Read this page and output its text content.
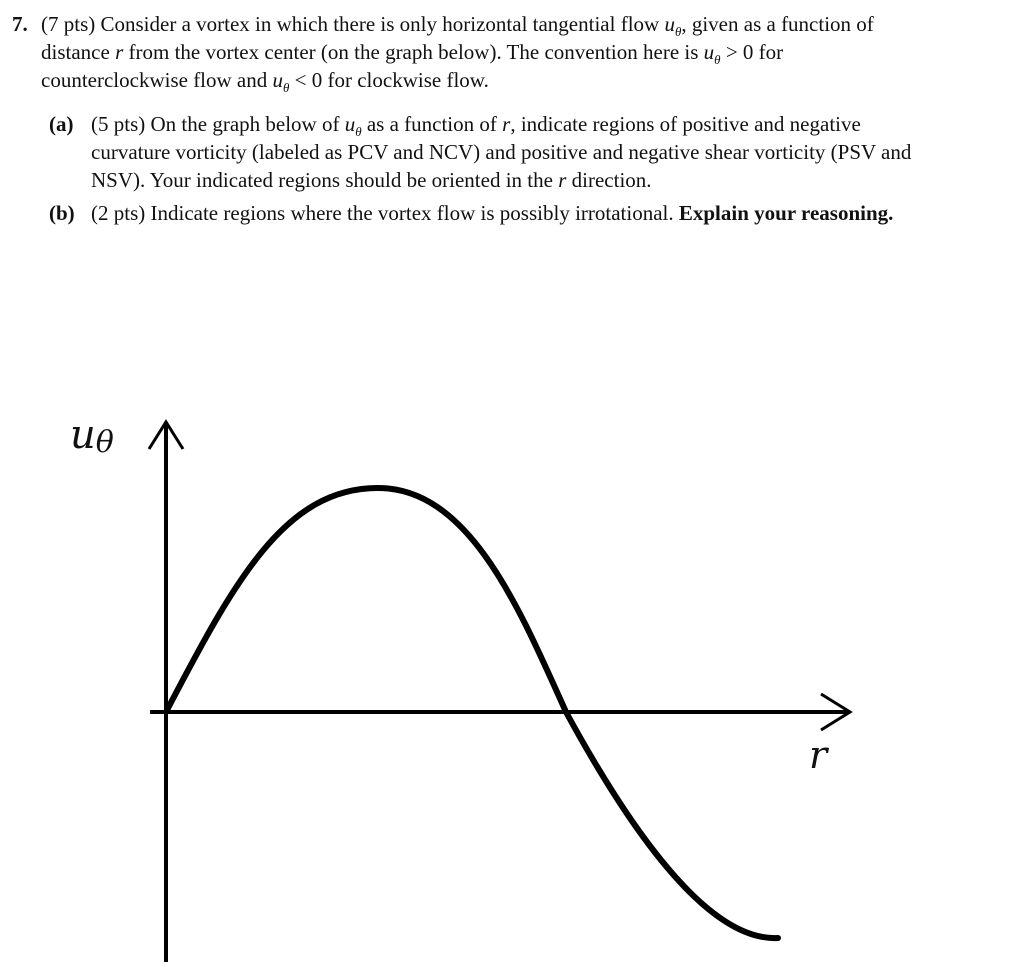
7. (7 pts) Consider a vortex in which there is only horizontal tangential flow $u_\theta$, given as a function of distance r from the vortex center (on the graph below). The convention here is $u_\theta > 0$ for counterclockwise flow and $u_\theta < 0$ for clockwise flow.
(a) (5 pts) On the graph below of $u_\theta$ as a function of r, indicate regions of positive and negative curvature vorticity (labeled as PCV and NCV) and positive and negative shear vorticity (PSV and NSV). Your indicated regions should be oriented in the r direction.
(b) (2 pts) Indicate regions where the vortex flow is possibly irrotational. Explain your reasoning.
uθ
r
